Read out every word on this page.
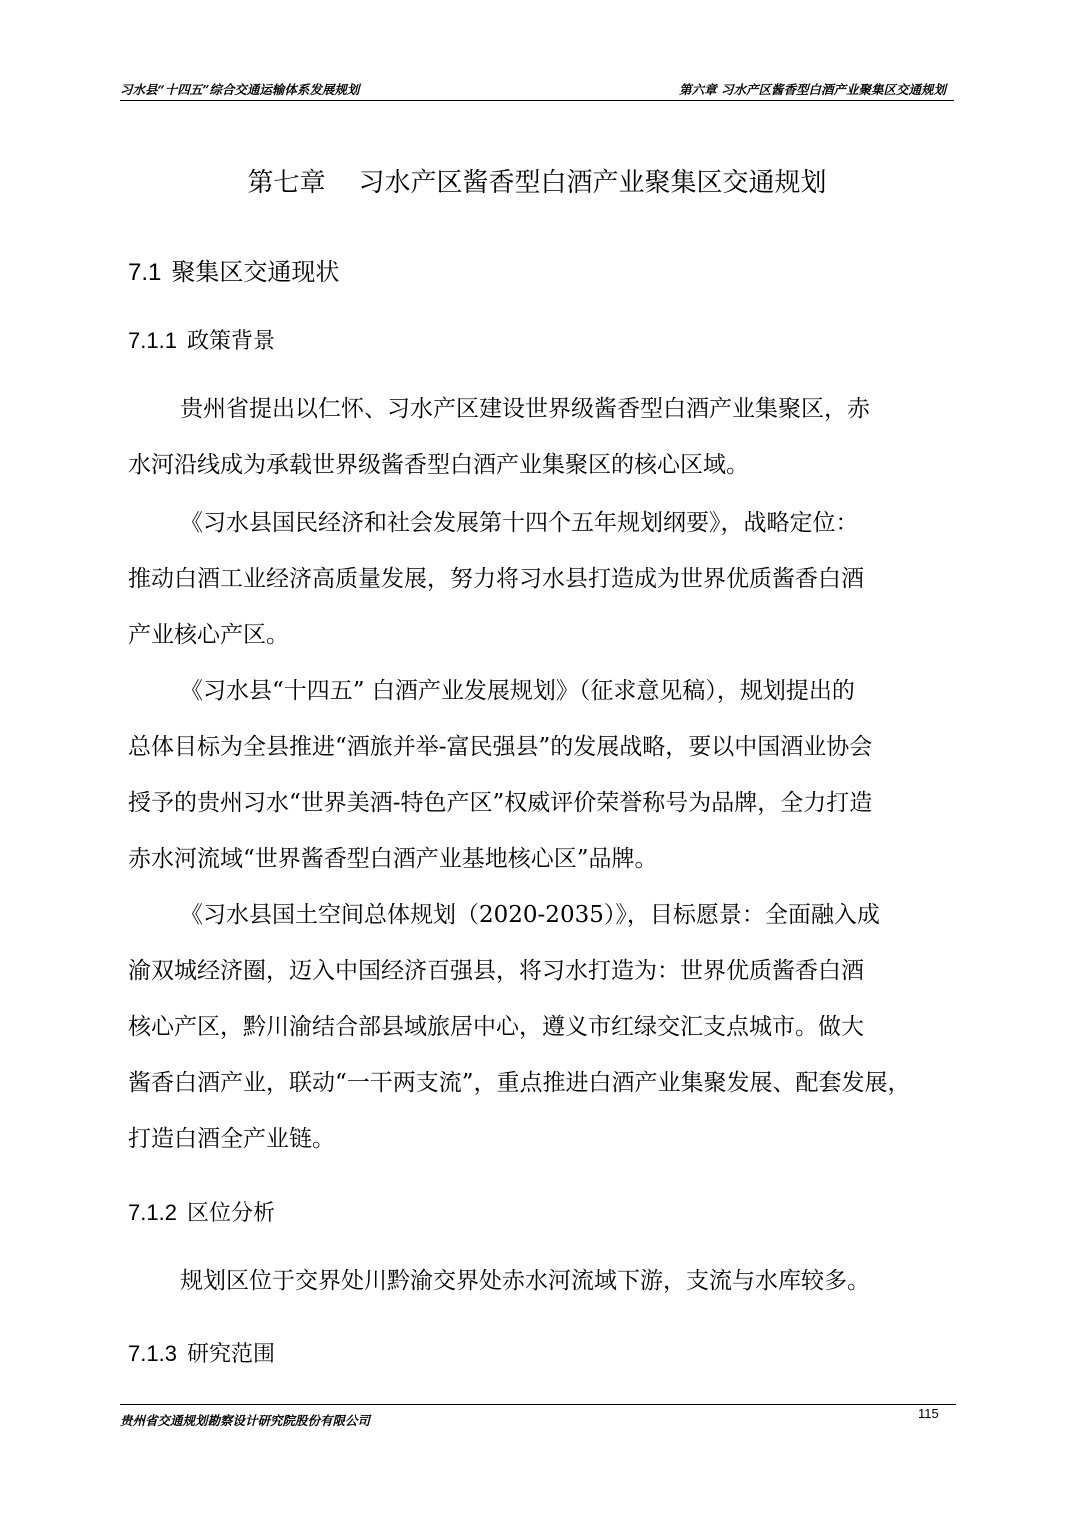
习水县“十四五”综合交通运输体系发展规划	第六章 习水产区酱香型白酒产业聚集区交通规划
第七章    习水产区酱香型白酒产业聚集区交通规划
7.1 聚集区交通现状
7.1.1 政策背景
贵州省提出以仁怀、习水产区建设世界级酱香型白酒产业集聚区，赤
水河沿线成为承载世界级酱香型白酒产业集聚区的核心区域。
《习水县国民经济和社会发展第十四个五年规划纲要》，战略定位：
推动白酒工业经济高质量发展，努力将习水县打造成为世界优质酱香白酒
产业核心产区。
《习水县“十四五” 白酒产业发展规划》（征求意见稿），规划提出的
总体目标为全县推进“酒旅并举-富民强县”的发展战略，要以中国酒业协会
授予的贵州习水“世界美酒-特色产区”权威评价荣誉称号为品牌，全力打造
赤水河流域“世界酱香型白酒产业基地核心区”品牌。
《习水县国土空间总体规划（2020-2035）》，目标愿景：全面融入成
渝双城经济圈，迈入中国经济百强县，将习水打造为：世界优质酱香白酒
核心产区，黔川渝结合部县域旅居中心，遵义市红绿交汇支点城市。做大
酱香白酒产业，联动“一干两支流”，重点推进白酒产业集聚发展、配套发展，
打造白酒全产业链。
7.1.2 区位分析
规划区位于交界处川黔渝交界处赤水河流域下游，支流与水库较多。
7.1.3 研究范围
贵州省交通规划勘察设计研究院股份有限公司	115
